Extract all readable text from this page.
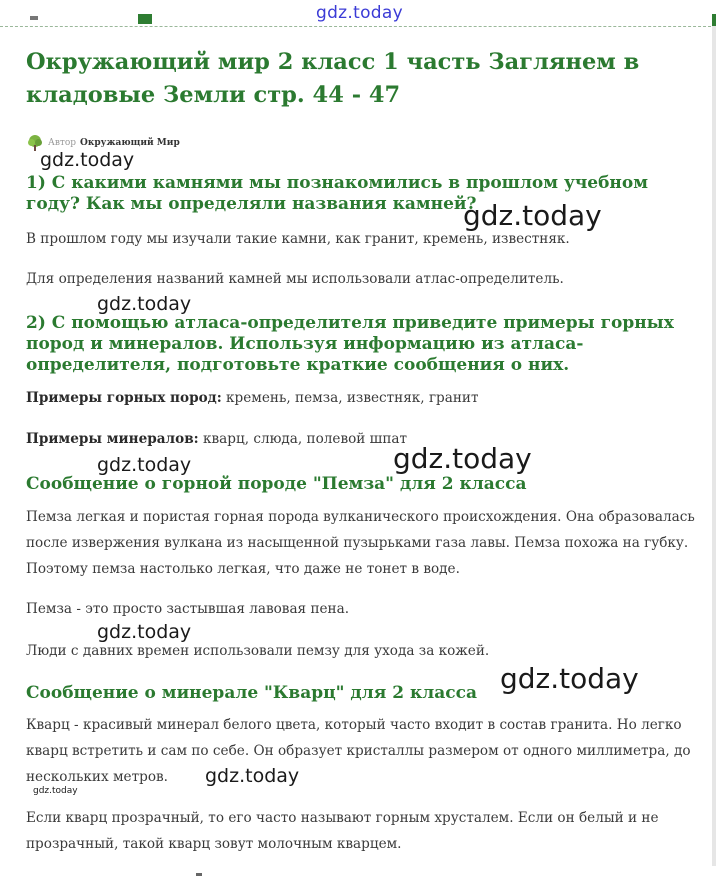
gdz.today
Окружающий мир 2 класс 1 часть Заглянем в кладовые Земли стр. 44 - 47
Автор Окружающий Мир
gdz.today
1) С какими камнями мы познакомились в прошлом учебном году? Как мы определяли названия камней?
gdz.today

В прошлом году мы изучали такие камни, как гранит, кремень, известняк.

Для определения названий камней мы использовали атлас-определитель.

gdz.today
2) С помощью атласа-определителя приведите примеры горных пород и минералов. Используя информацию из атласа-определителя, подготовьте краткие сообщения о них.

Примеры горных пород: кремень, пемза, известняк, гранит

Примеры минералов: кварц, слюда, полевой шпат

gdz.today	gdz.today
Сообщение о горной породе "Пемза" для 2 класса

Пемза легкая и пористая горная порода вулканического происхождения. Она образовалась после извержения вулкана из насыщенной пузырьками газа лавы. Пемза похожа на губку. Поэтому пемза настолько легкая, что даже не тонет в воде.

Пемза - это просто застывшая лавовая пена.

gdz.today

Люди с давних времен использовали пемзу для ухода за кожей.

gdz.today
Сообщение о минерале "Кварц" для 2 класса

Кварц - красивый минерал белого цвета, который часто входит в состав гранита. Но легко кварц встретить и сам по себе. Он образует кристаллы размером от одного миллиметра, до нескольких метров.	gdz.today
gdz.today

Если кварц прозрачный, то его часто называют горным хрусталем. Если он белый и не прозрачный, такой кварц зовут молочным кварцем.
